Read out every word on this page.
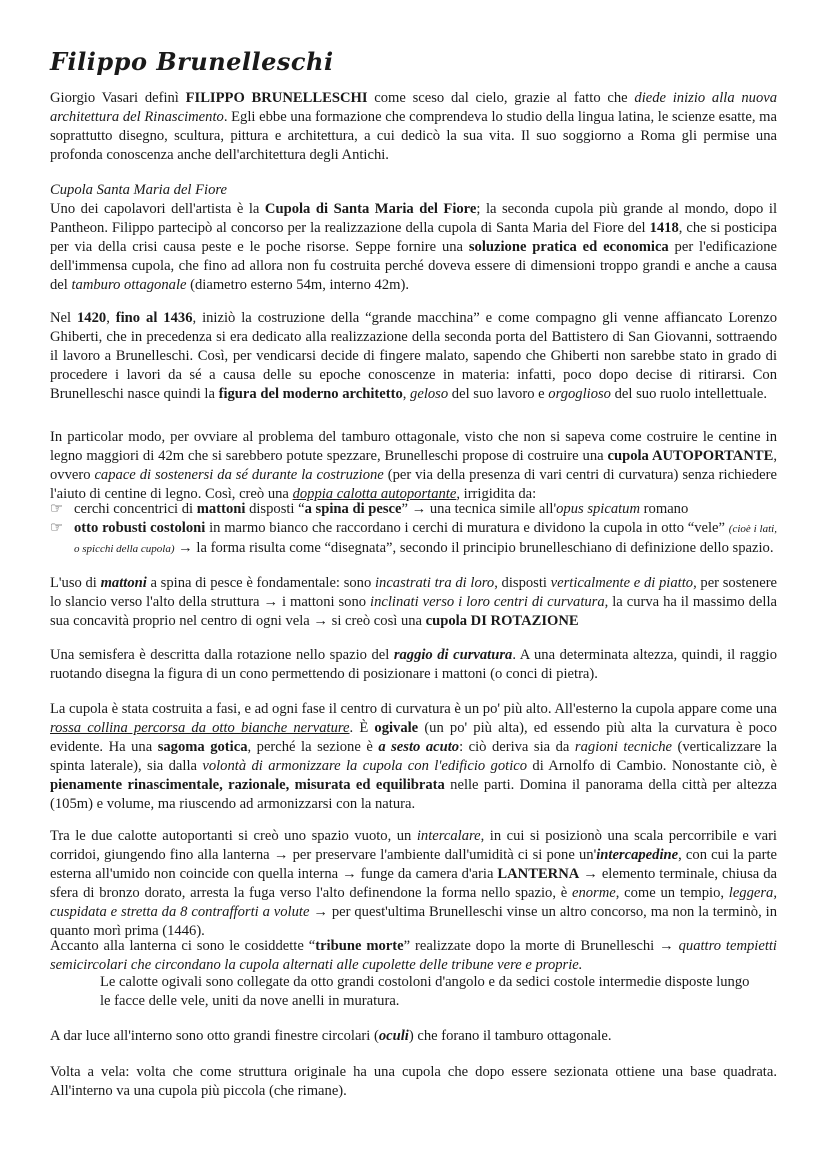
Filippo Brunelleschi

Giorgio Vasari definì FILIPPO BRUNELLESCHI come sceso dal cielo, grazie al fatto che diede inizio alla nuova architettura del Rinascimento. Egli ebbe una formazione che comprendeva lo studio della lingua latina, le scienze esatte, ma soprattutto disegno, scultura, pittura e architettura, a cui dedicò la sua vita. Il suo soggiorno a Roma gli permise una profonda conoscenza anche dell'architettura degli Antichi.

Cupola Santa Maria del Fiore

Uno dei capolavori dell'artista è la Cupola di Santa Maria del Fiore; la seconda cupola più grande al mondo, dopo il Pantheon. Filippo partecipò al concorso per la realizzazione della cupola di Santa Maria del Fiore del 1418, che si posticipa per via della crisi causa peste e le poche risorse. Seppe fornire una soluzione pratica ed economica per l'edificazione dell'immensa cupola, che fino ad allora non fu costruita perché doveva essere di dimensioni troppo grandi e anche a causa del tamburo ottagonale (diametro esterno 54m, interno 42m).

Nel 1420, fino al 1436, iniziò la costruzione della “grande macchina” e come compagno gli venne affiancato Lorenzo Ghiberti, che in precedenza si era dedicato alla realizzazione della seconda porta del Battistero di San Giovanni, sottraendo il lavoro a Brunelleschi. Così, per vendicarsi decide di fingere malato, sapendo che Ghiberti non sarebbe stato in grado di procedere i lavori da sé a causa delle su epoche conoscenze in materia: infatti, poco dopo decise di ritirarsi. Con Brunelleschi nasce quindi la figura del moderno architetto, geloso del suo lavoro e orgoglioso del suo ruolo intellettuale.

In particolar modo, per ovviare al problema del tamburo ottagonale, visto che non si sapeva come costruire le centine in legno maggiori di 42m che si sarebbero potute spezzare, Brunelleschi propose di costruire una cupola AUTOPORTANTE, ovvero capace di sostenersi da sé durante la costruzione (per via della presenza di vari centri di curvatura) senza richiedere l'aiuto di centine di legno. Così, creò una doppia calotta autoportante, irrigidita da:

☞ cerchi concentrici di mattoni disposti “a spina di pesce” → una tecnica simile all'opus spicatum romano
☞ otto robusti costoloni in marmo bianco che raccordano i cerchi di muratura e dividono la cupola in otto “vele” (cioè i lati, o spicchi della cupola) → la forma risulta come “disegnata”, secondo il principio brunelleschiano di definizione dello spazio.

L'uso di mattoni a spina di pesce è fondamentale: sono incastrati tra di loro, disposti verticalmente e di piatto, per sostenere lo slancio verso l'alto della struttura → i mattoni sono inclinati verso i loro centri di curvatura, la curva ha il massimo della sua concavità proprio nel centro di ogni vela → si creò così una cupola DI ROTAZIONE

Una semisfera è descritta dalla rotazione nello spazio del raggio di curvatura. A una determinata altezza, quindi, il raggio ruotando disegna la figura di un cono permettendo di posizionare i mattoni (o conci di pietra).

La cupola è stata costruita a fasi, e ad ogni fase il centro di curvatura è un po' più alto. All'esterno la cupola appare come una rossa collina percorsa da otto bianche nervature. È ogivale (un po' più alta), ed essendo più alta la curvatura è poco evidente. Ha una sagoma gotica, perché la sezione è a sesto acuto: ciò deriva sia da ragioni tecniche (verticalizzare la spinta laterale), sia dalla volontà di armonizzare la cupola con l'edificio gotico di Arnolfo di Cambio. Nonostante ciò, è pienamente rinascimentale, razionale, misurata ed equilibrata nelle parti. Domina il panorama della città per altezza (105m) e volume, ma riuscendo ad armonizzarsi con la natura.

Tra le due calotte autoportanti si creò uno spazio vuoto, un intercalare, in cui si posizionò una scala percorribile e vari corridoi, giungendo fino alla lanterna → per preservare l'ambiente dall'umidità ci si pone un'intercapedine, con cui la parte esterna all'umido non coincide con quella interna → funge da camera d'aria LANTERNA → elemento terminale, chiusa da sfera di bronzo dorato, arresta la fuga verso l'alto definendone la forma nello spazio, è enorme, come un tempio, leggera, cuspidata e stretta da 8 contrafforti a volute → per quest'ultima Brunelleschi vinse un altro concorso, ma non la terminò, in quanto morì prima (1446).

Accanto alla lanterna ci sono le cosiddette “tribune morte” realizzate dopo la morte di Brunelleschi → quattro tempietti semicircolari che circondano la cupola alternati alle cupolette delle tribune vere e proprie.

Le calotte ogivali sono collegate da otto grandi costoloni d'angolo e da sedici costole intermedie disposte lungo le facce delle vele, uniti da nove anelli in muratura.

A dar luce all'interno sono otto grandi finestre circolari (oculi) che forano il tamburo ottagonale.

Volta a vela: volta che come struttura originale ha una cupola che dopo essere sezionata ottiene una base quadrata. All'interno va una cupola più piccola (che rimane).
